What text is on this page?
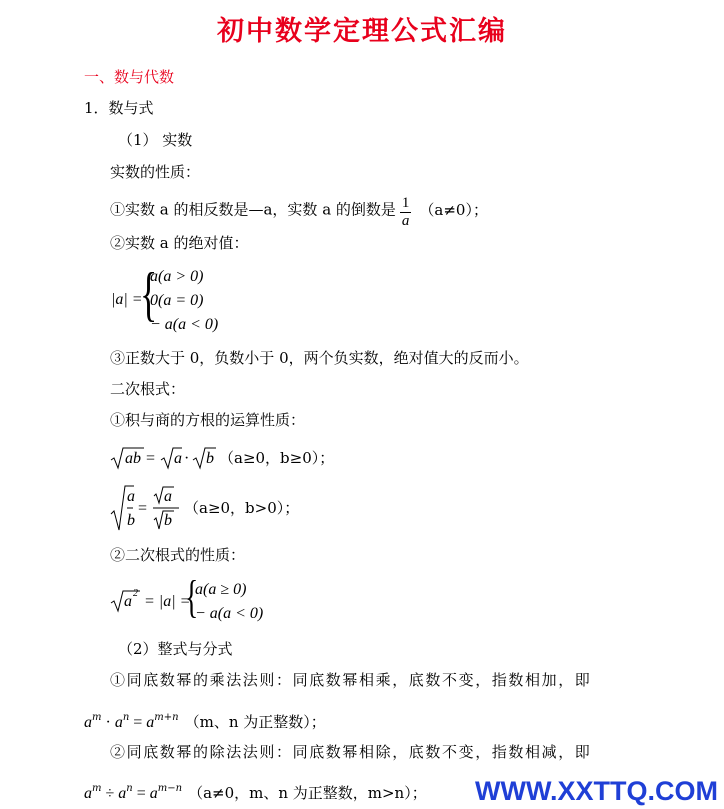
初中数学定理公式汇编
一、数与代数
1．数与式
（1） 实数
实数的性质：
①实数 a 的相反数是—a，实数 a 的倒数是 $\frac{1}{a} (a\ne 0)$；
②实数 a 的绝对值：
|a| =
{
a(a > 0)
0(a = 0)
− a(a < 0)
③正数大于 0，负数小于 0，两个负实数，绝对值大的反而小。
二次根式：
①积与商的方根的运算性质：
ab = a · b （a≥0，b≥0）；
a
b
=
a
b
（a≥0，b>0）；
②二次根式的性质：
a 2 = |a| =
{
a(a ≥ 0)
− a(a < 0)
（2）整式与分式
①同底数幂的乘法法则：同底数幂相乘，底数不变，指数相加，即
$a^m \cdot a^n = a^{m+n}$ （m、n 为正整数）；
②同底数幂的除法法则：同底数幂相除，底数不变，指数相减，即
$a^m \div a^n = a^{m-n}$ （a≠0，m、n 为正整数，m>n）； WWW.XXTTQ.COM
